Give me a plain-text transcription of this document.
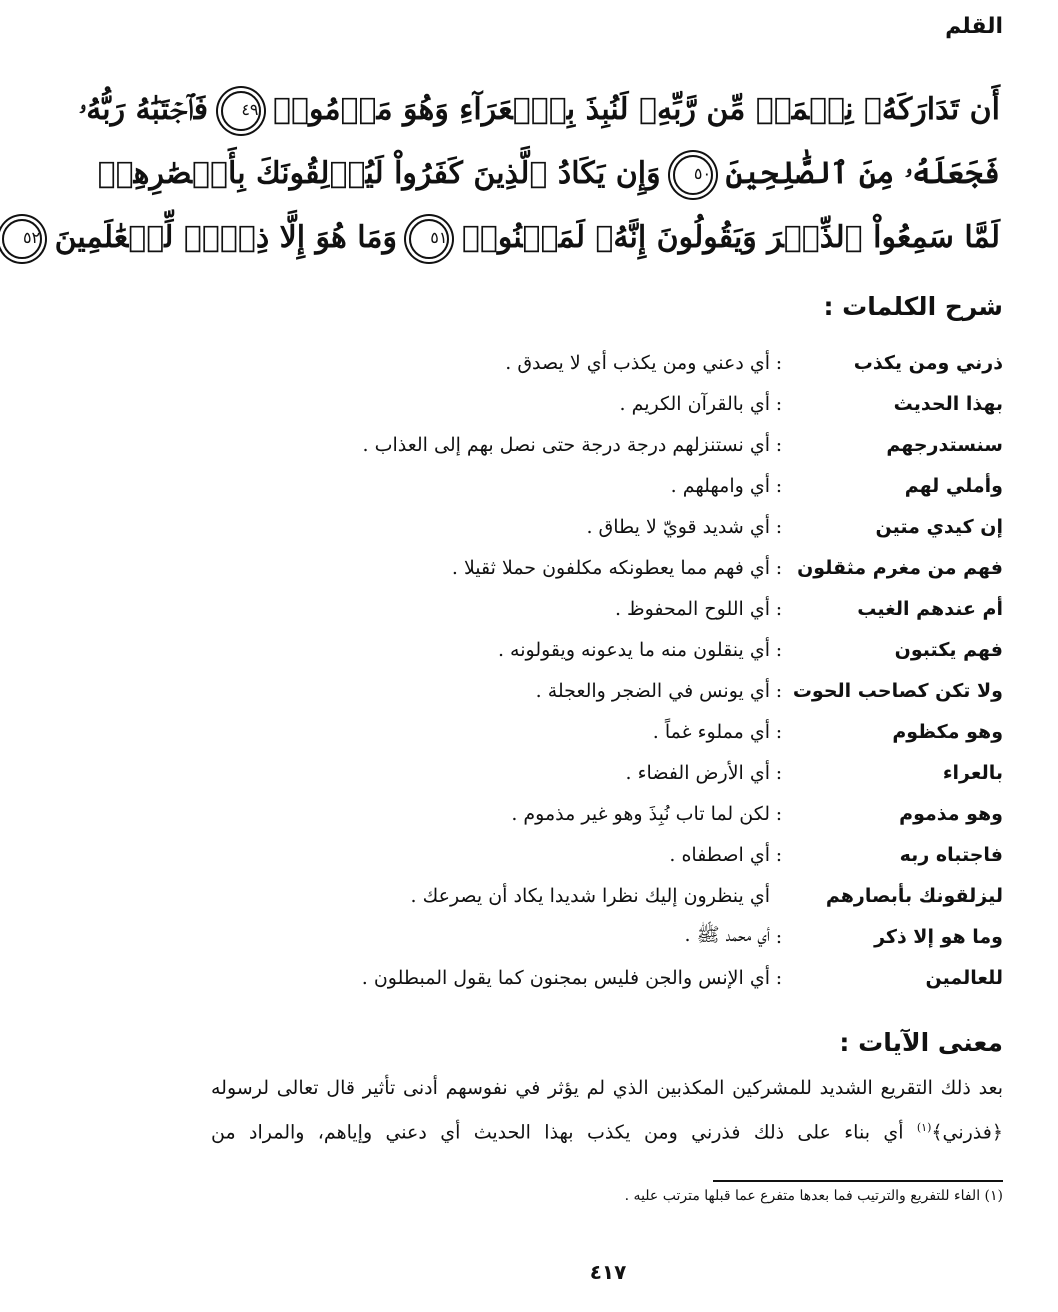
القلم
أَن تَدَارَكَهُۥ نِعۡمَةٞ مِّن رَّبِّهِۦ لَنُبِذَ بِٱلۡعَرَآءِ وَهُوَ مَذۡمُومٞ ٤٩ فَٱجۡتَبَٰهُ رَبُّهُۥ
فَجَعَلَهُۥ مِنَ ٱلصَّٰلِحِينَ ٥٠ وَإِن يَكَادُ ٱلَّذِينَ كَفَرُواْ لَيُزۡلِقُونَكَ بِأَبۡصَٰرِهِمۡ
لَمَّا سَمِعُواْ ٱلذِّكۡرَ وَيَقُولُونَ إِنَّهُۥ لَمَجۡنُونٞ ٥١ وَمَا هُوَ إِلَّا ذِكۡرٞ لِّلۡعَٰلَمِينَ ٥٢
شرح الكلمات :
ذرني ومن يكذب
:
أي دعني ومن يكذب أي لا يصدق .
بهذا الحديث
:
أي بالقرآن الكريم .
سنستدرجهم
:
أي نستنزلهم درجة درجة حتى نصل بهم إلى العذاب .
وأملي لهم
:
أي وامهلهم .
إن كيدي متين
:
أي شديد قويّ لا يطاق .
فهم من مغرم مثقلون
:
أي فهم مما يعطونكه مكلفون حملا ثقيلا .
أم عندهم الغيب
:
أي اللوح المحفوظ .
فهم يكتبون
:
أي ينقلون منه ما يدعونه ويقولونه .
ولا تكن كصاحب الحوت
:
أي يونس في الضجر والعجلة .
وهو مكظوم
:
أي مملوء غماً .
بالعراء
:
أي الأرض الفضاء .
وهو مذموم
:
لكن لما تاب نُبِذَ وهو غير مذموم .
فاجتباه ربه
:
أي اصطفاه .
ليزلقونك بأبصارهم
أي ينظرون إليك نظرا شديدا يكاد أن يصرعك .
وما هو إلا ذكر
:
أي محمد ﷺ .
للعالمين
:
أي الإنس والجن فليس بمجنون كما يقول المبطلون .
معنى الآيات :
بعد ذلك التقريع الشديد للمشركين المكذبين الذي لم يؤثر في نفوسهم أدنى تأثير قال تعالى لرسوله
﴿فذرني﴾$^{(١)}$ أي بناء على ذلك فذرني ومن يكذب بهذا الحديث أي دعني وإياهم، والمراد من
(١) الفاء للتفريع والترتيب فما بعدها متفرع عما قبلها مترتب عليه .
٤١٧
